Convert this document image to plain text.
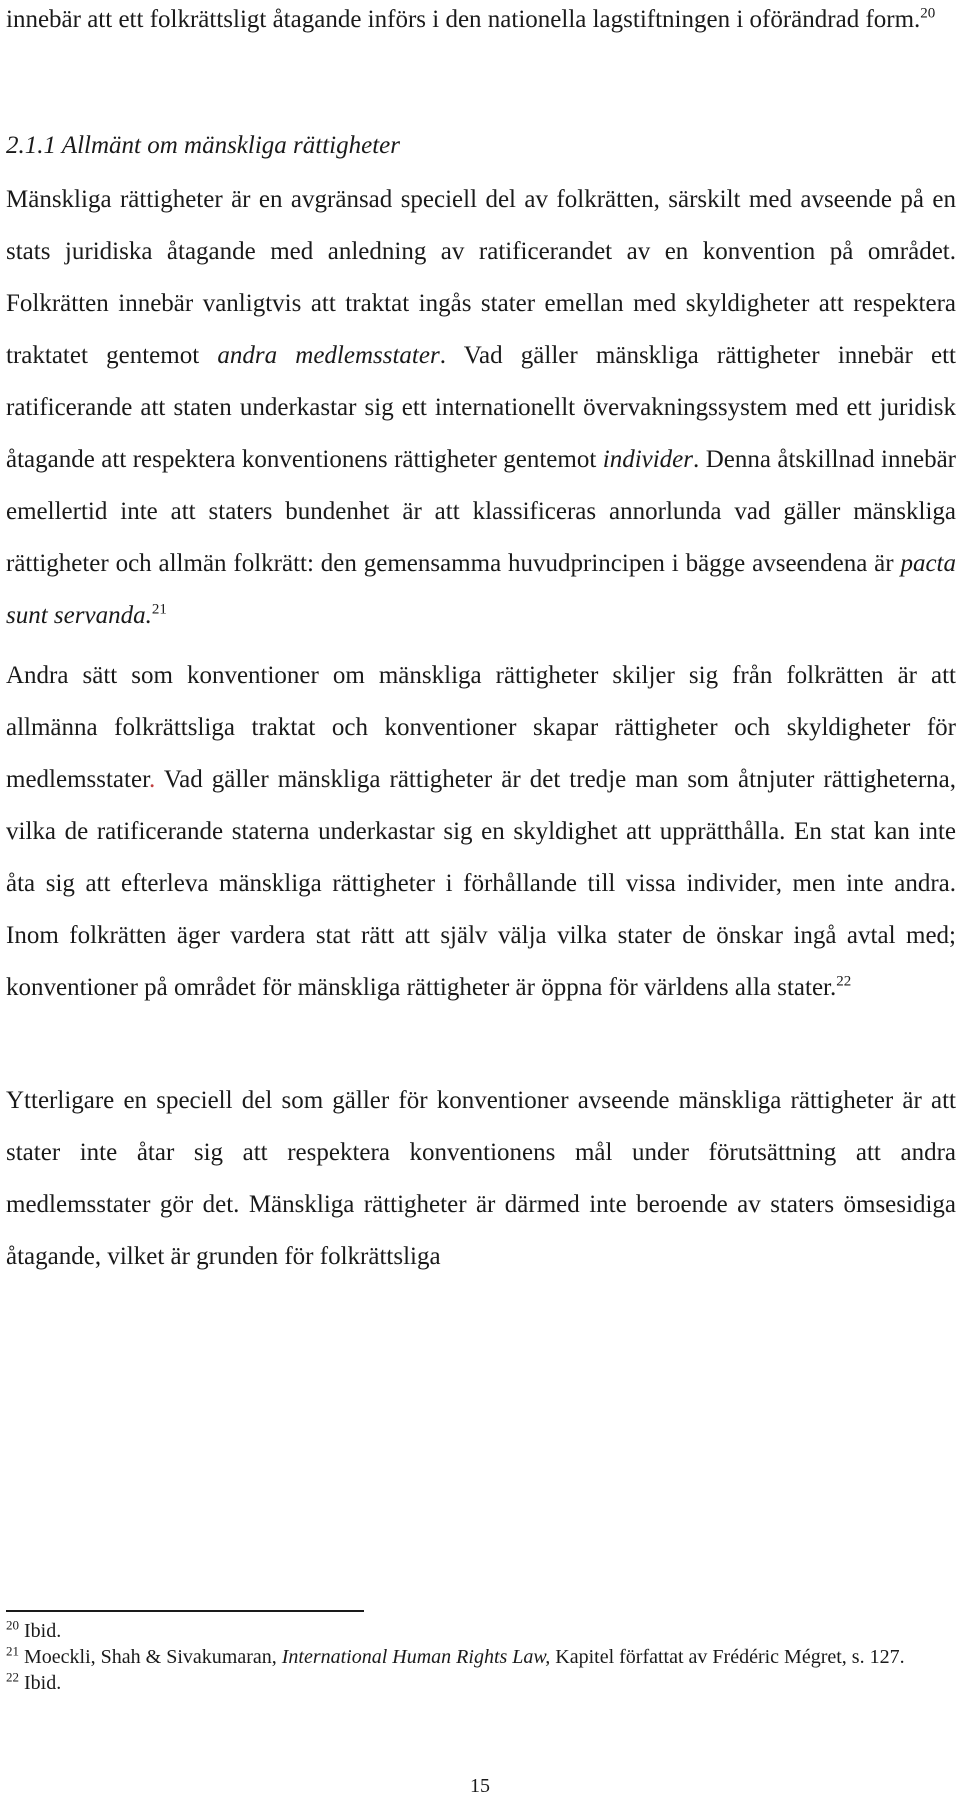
innebär att ett folkrättsligt åtagande införs i den nationella lagstiftningen i oförändrad form.$^{20}$

2.1.1 Allmänt om mänskliga rättigheter

Mänskliga rättigheter är en avgränsad speciell del av folkrätten, särskilt med avseende på en stats juridiska åtagande med anledning av ratificerandet av en konvention på området. Folkrätten innebär vanligtvis att traktat ingås stater emellan med skyldigheter att respektera traktatet gentemot andra medlemsstater. Vad gäller mänskliga rättigheter innebär ett ratificerande att staten underkastar sig ett internationellt övervakningssystem med ett juridisk åtagande att respektera konventionens rättigheter gentemot individer. Denna åtskillnad innebär emellertid inte att staters bundenhet är att klassificeras annorlunda vad gäller mänskliga rättigheter och allmän folkrätt: den gemensamma huvudprincipen i bägge avseendena är pacta sunt servanda.$^{21}$

Andra sätt som konventioner om mänskliga rättigheter skiljer sig från folkrätten är att allmänna folkrättsliga traktat och konventioner skapar rättigheter och skyldigheter för medlemsstater. Vad gäller mänskliga rättigheter är det tredje man som åtnjuter rättigheterna, vilka de ratificerande staterna underkastar sig en skyldighet att upprätthålla. En stat kan inte åta sig att efterleva mänskliga rättigheter i förhållande till vissa individer, men inte andra. Inom folkrätten äger vardera stat rätt att själv välja vilka stater de önskar ingå avtal med; konventioner på området för mänskliga rättigheter är öppna för världens alla stater.$^{22}$

Ytterligare en speciell del som gäller för konventioner avseende mänskliga rättigheter är att stater inte åtar sig att respektera konventionens mål under förutsättning att andra medlemsstater gör det. Mänskliga rättigheter är därmed inte beroende av staters ömsesidiga åtagande, vilket är grunden för folkrättsliga

$^{20}$ Ibid.

$^{21}$ Moeckli, Shah & Sivakumaran, International Human Rights Law, Kapitel författat av Frédéric Mégret, s. 127.

$^{22}$ Ibid.

15
